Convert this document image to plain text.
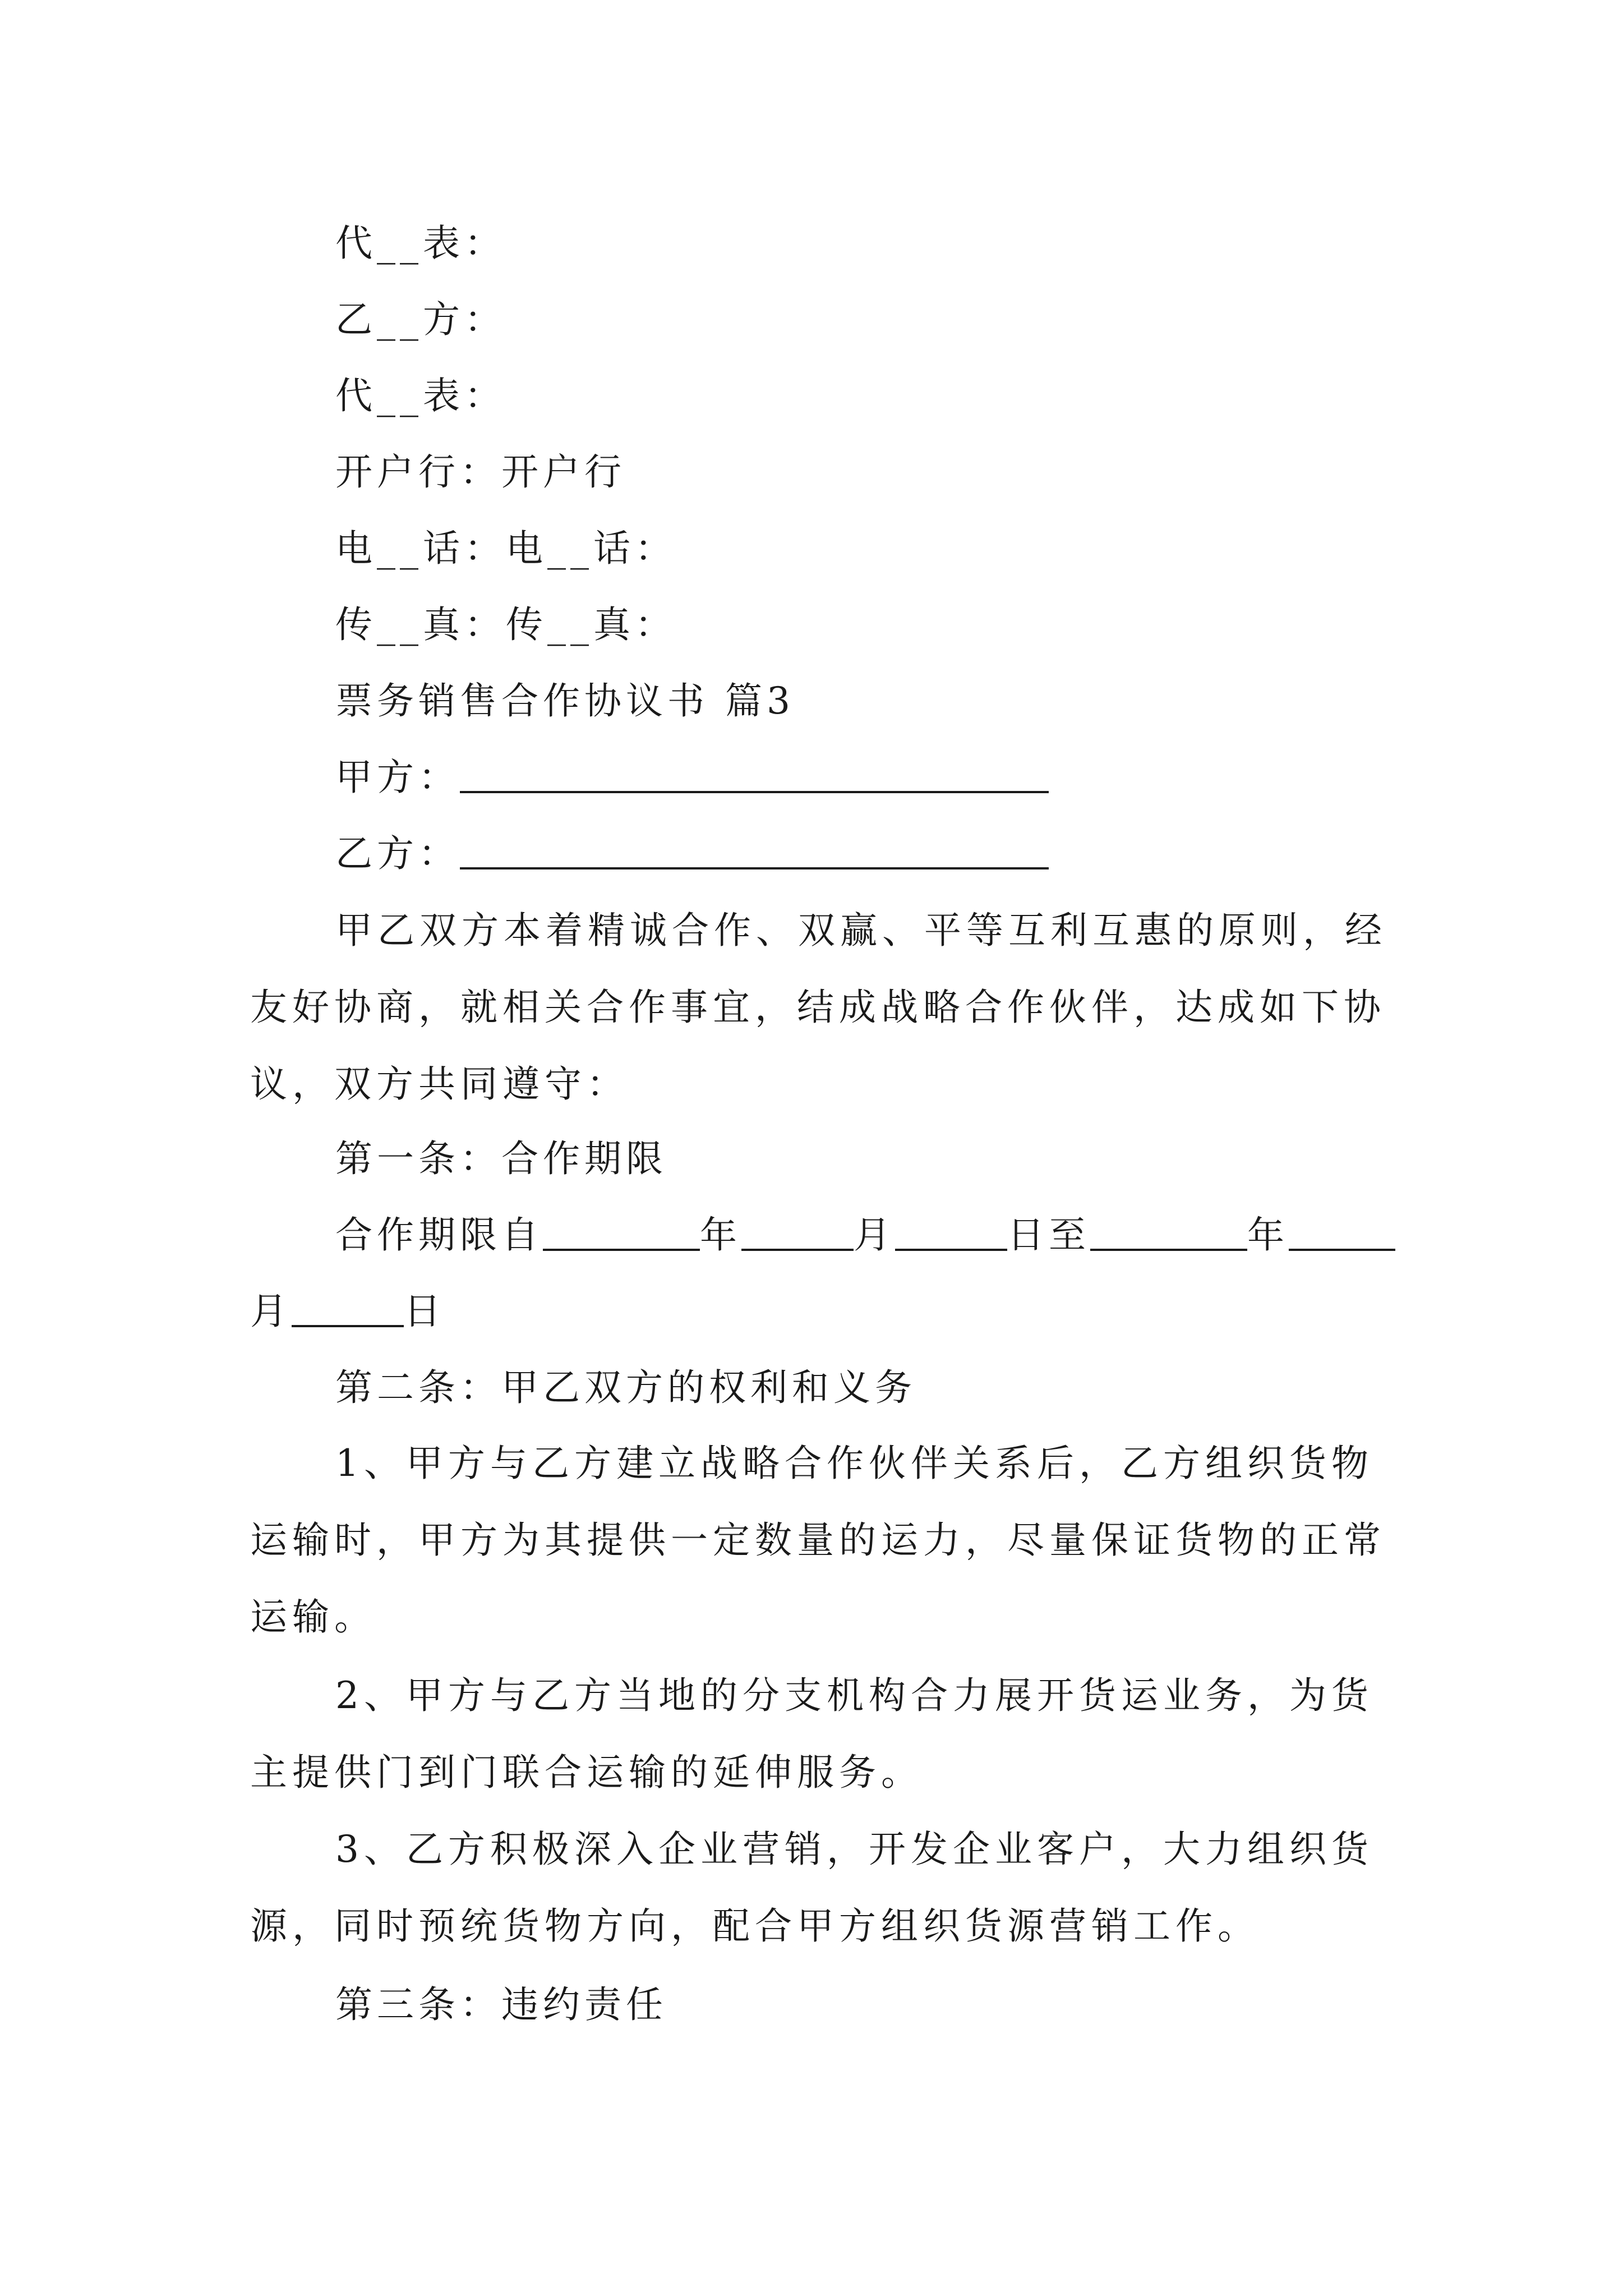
代__表：
乙__方：
代__表：
开户行：开户行
电__话：电__话：
传__真：传__真：
票务销售合作协议书 篇3
甲方：
乙方：
甲乙双方本着精诚合作、双赢、平等互利互惠的原则，经友好协商，就相关合作事宜，结成战略合作伙伴，达成如下协议，双方共同遵守：
第一条：合作期限
合作期限自	年	月	日至	年
月	日
第二条：甲乙双方的权利和义务
1、甲方与乙方建立战略合作伙伴关系后，乙方组织货物运输时，甲方为其提供一定数量的运力，尽量保证货物的正常运输。
2、甲方与乙方当地的分支机构合力展开货运业务，为货主提供门到门联合运输的延伸服务。
3、乙方积极深入企业营销，开发企业客户，大力组织货源，同时预统货物方向，配合甲方组织货源营销工作。
第三条：违约责任
